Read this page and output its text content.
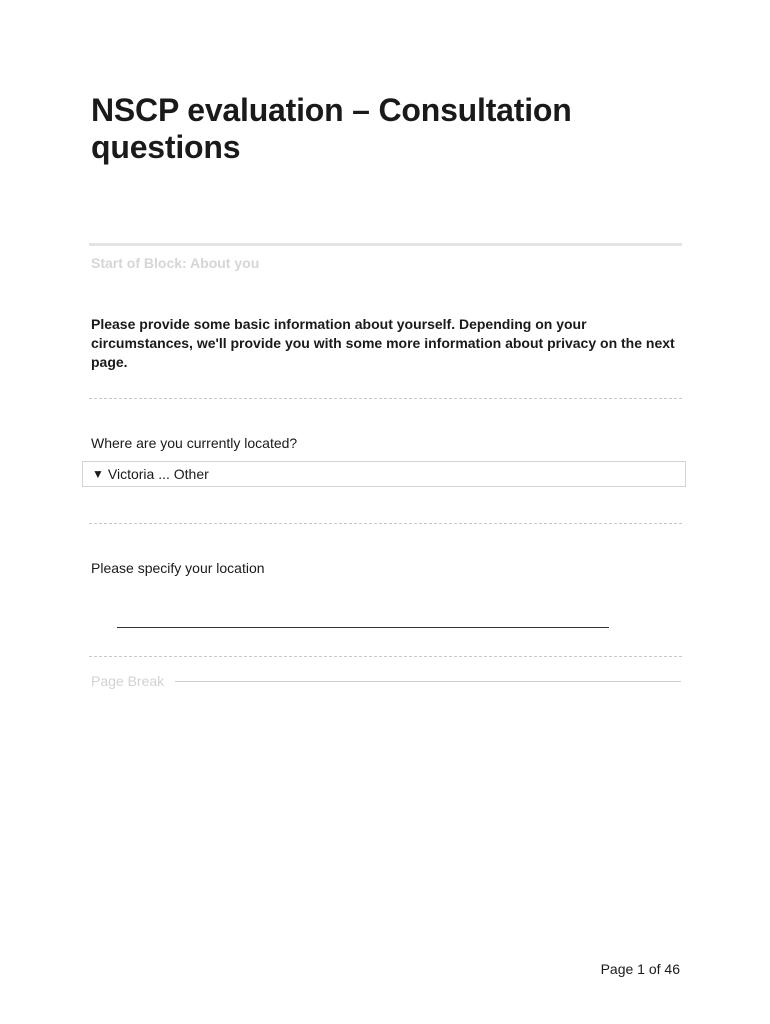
NSCP evaluation – Consultation questions
Start of Block: About you
Please provide some basic information about yourself. Depending on your circumstances, we'll provide you with some more information about privacy on the next page.
Where are you currently located?
▼ Victoria ... Other
Please specify your location
Page Break
Page 1 of 46
